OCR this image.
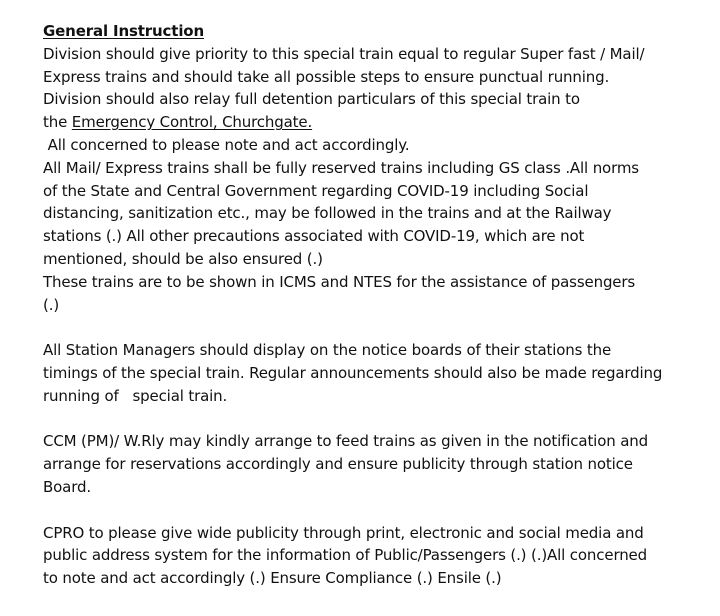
General Instruction
Division should give priority to this special train equal to regular Super fast / Mail/
Express trains and should take all possible steps to ensure punctual running.
Division should also relay full detention particulars of this special train to
the Emergency Control, Churchgate.
All concerned to please note and act accordingly.
All Mail/ Express trains shall be fully reserved trains including GS class .All norms
of the State and Central Government regarding COVID-19 including Social
distancing, sanitization etc., may be followed in the trains and at the Railway
stations (.) All other precautions associated with COVID-19, which are not
mentioned, should be also ensured (.)
These trains are to be shown in ICMS and NTES for the assistance of passengers
(.)
All Station Managers should display on the notice boards of their stations the
timings of the special train. Regular announcements should also be made regarding
running of   special train.
CCM (PM)/ W.Rly may kindly arrange to feed trains as given in the notification and
arrange for reservations accordingly and ensure publicity through station notice
Board.
CPRO to please give wide publicity through print, electronic and social media and
public address system for the information of Public/Passengers (.) (.)All concerned
to note and act accordingly (.) Ensure Compliance (.) Ensile (.)
